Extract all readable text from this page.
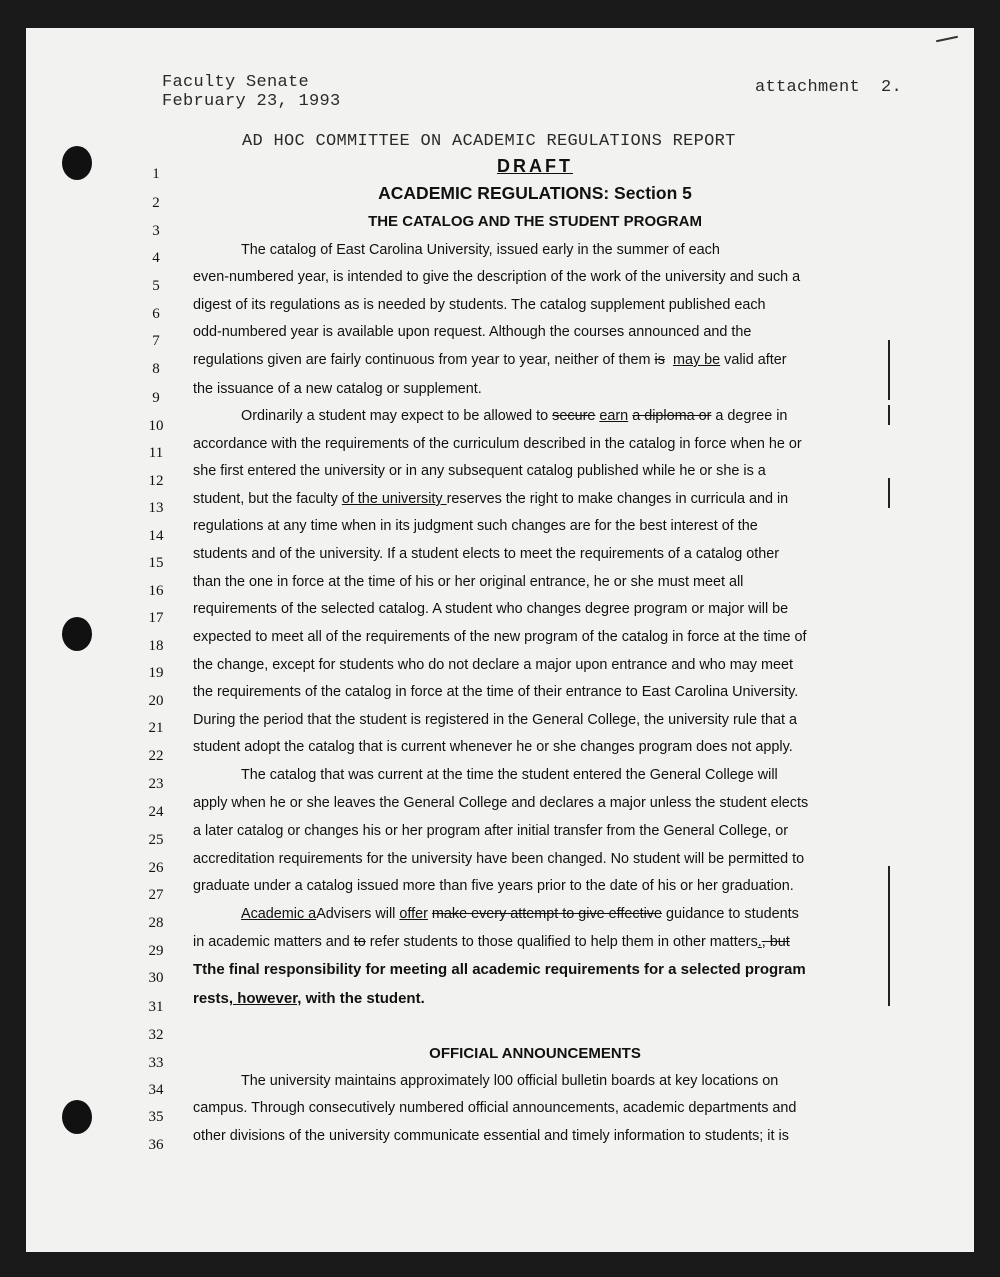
Faculty Senate
February 23, 1993
attachment  2.
AD HOC COMMITTEE ON ACADEMIC REGULATIONS REPORT
1
2
3
4
5
6
7
8
9
10
11
12
13
14
15
16
17
18
19
20
21
22
23
24
25
26
27
28
29
30
31
32
33
34
35
36
DRAFT
ACADEMIC REGULATIONS: Section 5
THE CATALOG AND THE STUDENT PROGRAM
The catalog of East Carolina University, issued early in the summer of each
even-numbered year, is intended to give the description of the work of the university and such a
digest of its regulations as is needed by students. The catalog supplement published each
odd-numbered year is available upon request. Although the courses announced and the
regulations given are fairly continuous from year to year, neither of them is may be valid after
the issuance of a new catalog or supplement.
Ordinarily a student may expect to be allowed to secure earn a diploma or a degree in
accordance with the requirements of the curriculum described in the catalog in force when he or
she first entered the university or in any subsequent catalog published while he or she is a
student, but the faculty of the university reserves the right to make changes in curricula and in
regulations at any time when in its judgment such changes are for the best interest of the
students and of the university. If a student elects to meet the requirements of a catalog other
than the one in force at the time of his or her original entrance, he or she must meet all
requirements of the selected catalog. A student who changes degree program or major will be
expected to meet all of the requirements of the new program of the catalog in force at the time of
the change, except for students who do not declare a major upon entrance and who may meet
the requirements of the catalog in force at the time of their entrance to East Carolina University.
During the period that the student is registered in the General College, the university rule that a
student adopt the catalog that is current whenever he or she changes program does not apply.
The catalog that was current at the time the student entered the General College will
apply when he or she leaves the General College and declares a major unless the student elects
a later catalog or changes his or her program after initial transfer from the General College, or
accreditation requirements for the university have been changed. No student will be permitted to
graduate under a catalog issued more than five years prior to the date of his or her graduation.
Academic aAdvisers will offer make every attempt to give effective guidance to students
in academic matters and to refer students to those qualified to help them in other matters., but
Tthe final responsibility for meeting all academic requirements for a selected program
rests, however, with the student.
OFFICIAL ANNOUNCEMENTS
The university maintains approximately l00 official bulletin boards at key locations on
campus. Through consecutively numbered official announcements, academic departments and
other divisions of the university communicate essential and timely information to students; it is
